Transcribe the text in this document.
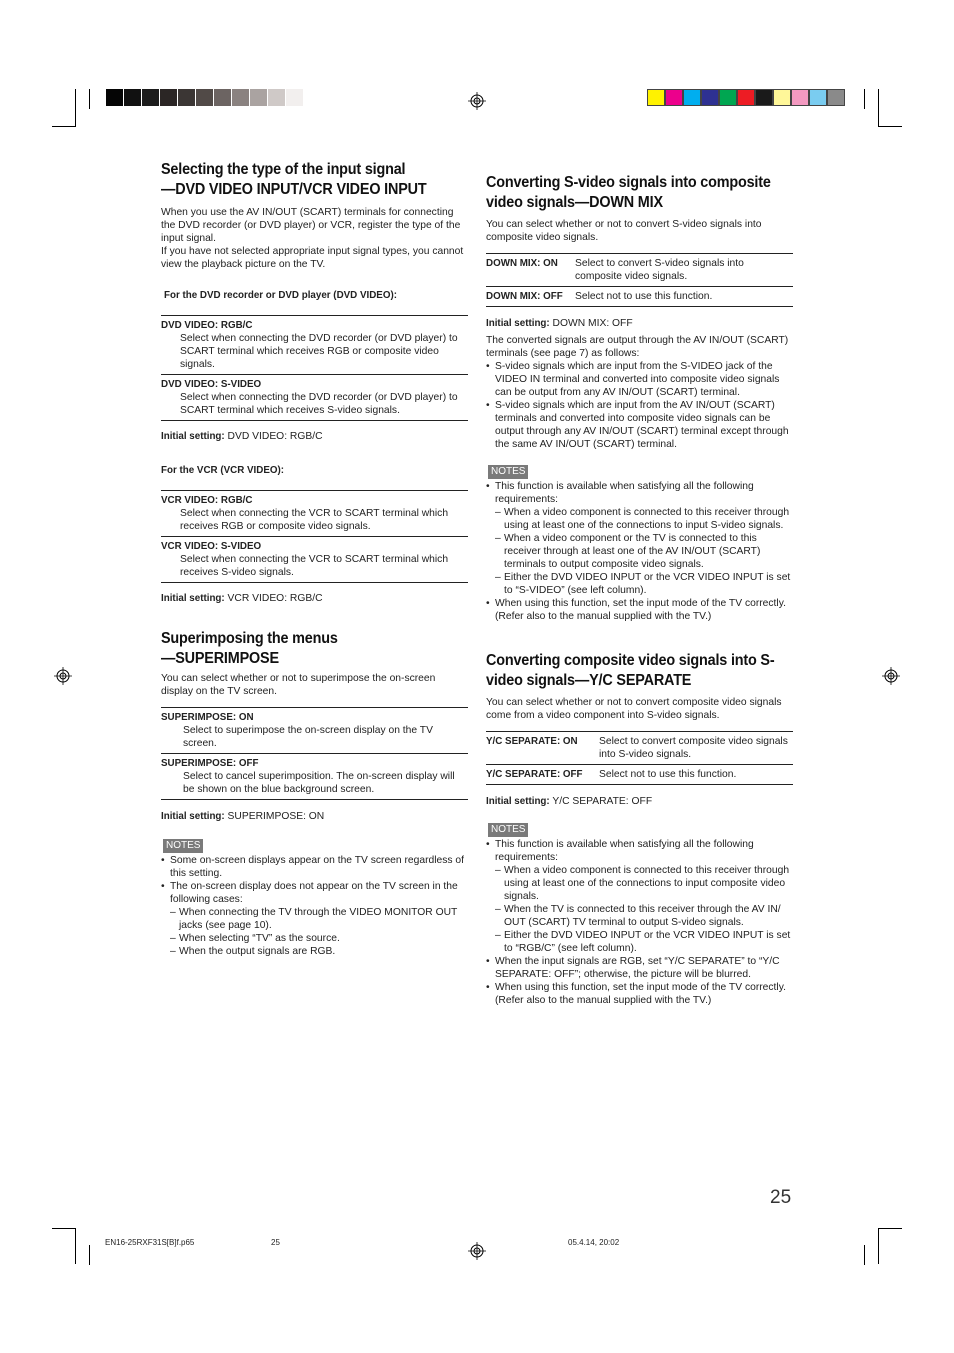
Selecting the type of the input signal
—DVD VIDEO INPUT/VCR VIDEO INPUT

When you use the AV IN/OUT (SCART) terminals for connecting the DVD recorder (or DVD player) or VCR, register the type of the input signal.

If you have not selected appropriate input signal types, you cannot view the playback picture on the TV.

For the DVD recorder or DVD player (DVD VIDEO):

DVD VIDEO: RGB/C
Select when connecting the DVD recorder (or DVD player) to SCART terminal which receives RGB or composite video signals.
DVD VIDEO: S-VIDEO
Select when connecting the DVD recorder (or DVD player) to SCART terminal which receives S-video signals.

Initial setting: DVD VIDEO: RGB/C

For the VCR (VCR VIDEO):

VCR VIDEO: RGB/C
Select when connecting the VCR to SCART terminal which receives RGB or composite video signals.
VCR VIDEO: S-VIDEO
Select when connecting the VCR to SCART terminal which receives S-video signals.

Initial setting: VCR VIDEO: RGB/C

Superimposing the menus
—SUPERIMPOSE

You can select whether or not to superimpose the on-screen display on the TV screen.

SUPERIMPOSE: ON
Select to superimpose the on-screen display on the TV screen.
SUPERIMPOSE: OFF
Select to cancel superimposition. The on-screen display will be shown on the blue background screen.

Initial setting: SUPERIMPOSE: ON

NOTES
• Some on-screen displays appear on the TV screen regardless of this setting.
• The on-screen display does not appear on the TV screen in the following cases:
– When connecting the TV through the VIDEO MONITOR OUT jacks (see page 10).
– When selecting “TV” as the source.
– When the output signals are RGB.
Converting S-video signals into composite
video signals—DOWN MIX

You can select whether or not to convert S-video signals into composite video signals.

DOWN MIX: ON	Select to convert S-video signals into composite video signals.
DOWN MIX: OFF	Select not to use this function.

Initial setting: DOWN MIX: OFF

The converted signals are output through the AV IN/OUT (SCART) terminals (see page 7) as follows:

• S-video signals which are input from the S-VIDEO jack of the VIDEO IN terminal and converted into composite video signals can be output from any AV IN/OUT (SCART) terminal.
• S-video signals which are input from the AV IN/OUT (SCART) terminals and converted into composite video signals can be output through any AV IN/OUT (SCART) terminal except through the same AV IN/OUT (SCART) terminal.
NOTES
• This function is available when satisfying all the following requirements:
– When a video component is connected to this receiver through using at least one of the connections to input S-video signals.
– When a video component or the TV is connected to this receiver through at least one of the AV IN/OUT (SCART) terminals to output composite video signals.
– Either the DVD VIDEO INPUT or the VCR VIDEO INPUT is set to “S-VIDEO” (see left column).
• When using this function, set the input mode of the TV correctly. (Refer also to the manual supplied with the TV.)
Converting composite video signals into S-
video signals—Y/C SEPARATE

You can select whether or not to convert composite video signals come from a video component into S-video signals.

Y/C SEPARATE: ON	Select to convert composite video signals into S-video signals.
Y/C SEPARATE: OFF	Select not to use this function.

Initial setting: Y/C SEPARATE: OFF

NOTES
• This function is available when satisfying all the following requirements:
– When a video component is connected to this receiver through using at least one of the connections to input composite video signals.
– When the TV is connected to this receiver through the AV IN/ OUT (SCART) TV terminal to output S-video signals.
– Either the DVD VIDEO INPUT or the VCR VIDEO INPUT is set to “RGB/C” (see left column).
• When the input signals are RGB, set “Y/C SEPARATE” to “Y/C SEPARATE: OFF”; otherwise, the picture will be blurred.
• When using this function, set the input mode of the TV correctly. (Refer also to the manual supplied with the TV.)
25
EN16-25RXF31S[B]f.p65	25	05.4.14, 20:02
